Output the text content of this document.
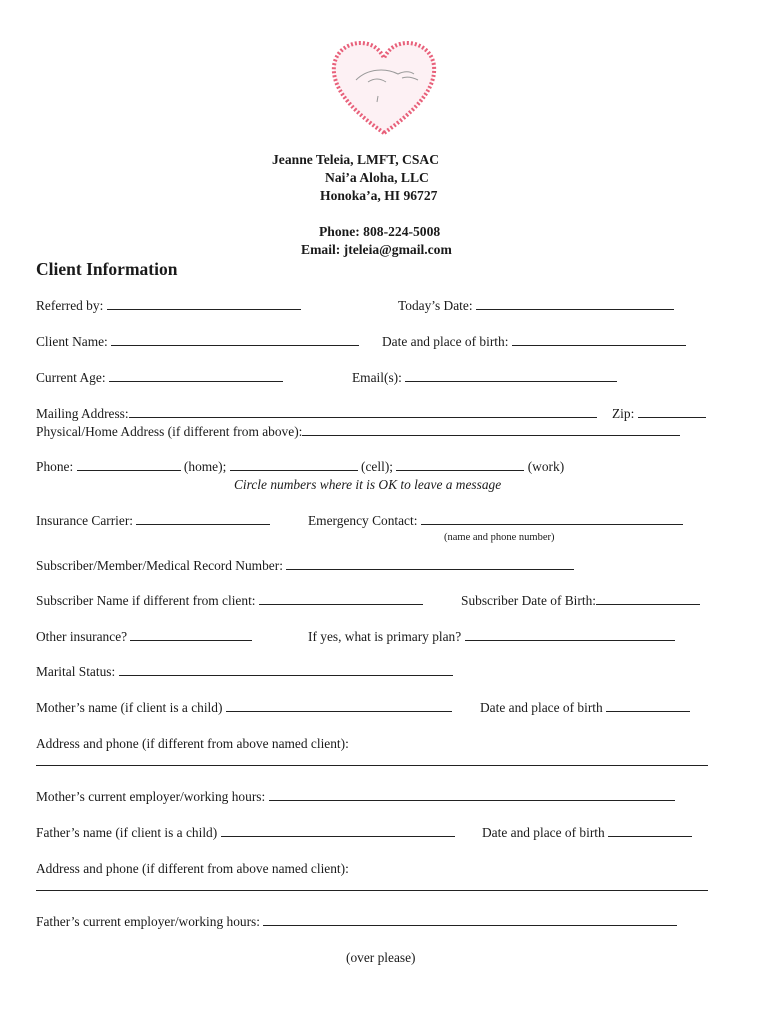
Jeanne Teleia, LMFT, CSAC
Nai’a Aloha, LLC
Honoka’a, HI 96727
Phone: 808-224-5008
Email: jteleia@gmail.com
Client Information
Referred by:	Today’s Date:
Client Name:	Date and place of birth:
Current Age:	Email(s):
Mailing Address:	Zip:
Physical/Home Address (if different from above):
Phone:	(home);	(cell);	(work)
Circle numbers where it is OK to leave a message
Insurance Carrier:	Emergency Contact:
(name and phone number)
Subscriber/Member/Medical Record Number:
Subscriber Name if different from client:	Subscriber Date of Birth:
Other insurance?	If yes, what is primary plan?
Marital Status:
Mother’s name (if client is a child)	Date and place of birth
Address and phone (if different from above named client):
Mother’s current employer/working hours:
Father’s name (if client is a child)	Date and place of birth
Address and phone (if different from above named client):
Father’s current employer/working hours:
(over please)
